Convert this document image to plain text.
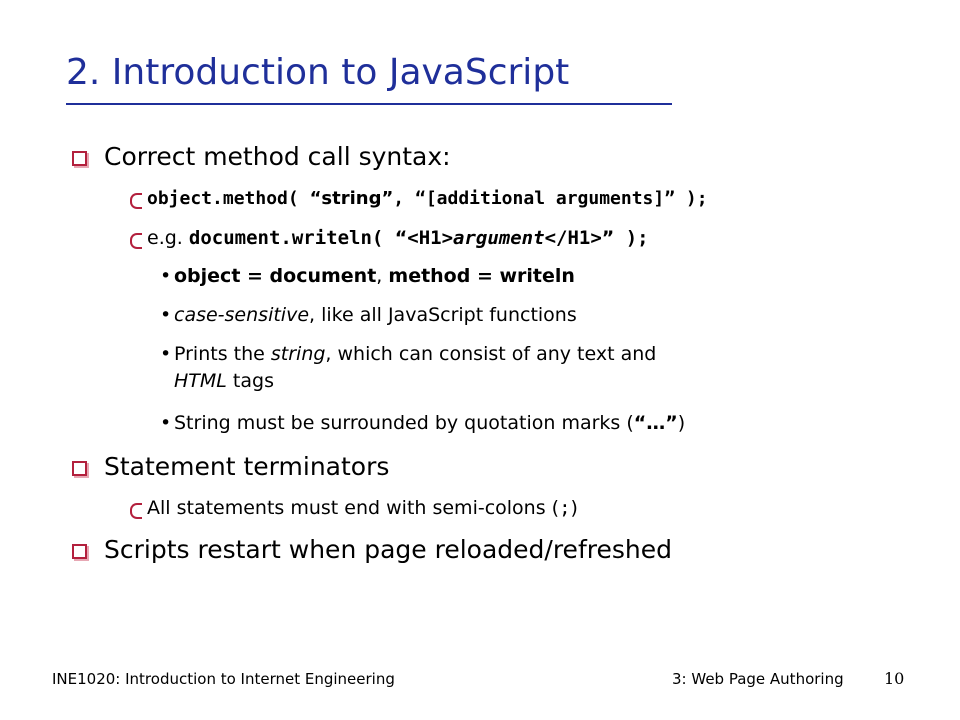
2. Introduction to JavaScript
Correct method call syntax:
object.method( “string”, “[additional arguments]” );
e.g. document.writeln( “<H1>argument</H1>” );
• object = document, method = writeln
• case-sensitive, like all JavaScript functions
• Prints the string, which can consist of any text and
HTML tags
• String must be surrounded by quotation marks (“…”)
Statement terminators
All statements must end with semi-colons (;)
Scripts restart when page reloaded/refreshed
INE1020: Introduction to Internet Engineering	3: Web Page Authoring	10
